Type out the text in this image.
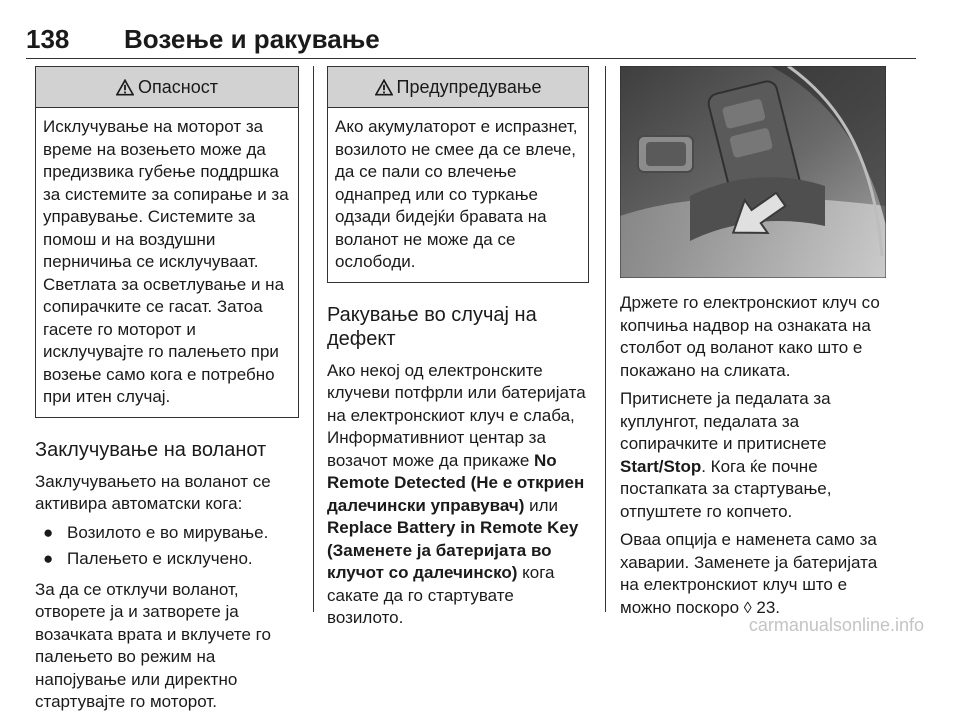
138 Возење и ракување
Опасност
Исклучување на моторот за време на возењето може да предизвика губење поддршка за системите за сопирање и за управување. Системите за помош и на воздушни перничиња се исклучуваат. Светлата за осветлување и на сопирачките се гасат. Затоа гасете го моторот и исклучувајте го палењето при возење само кога е потребно при итен случај.
Заклучување на воланот

Заклучувањето на воланот се активира автоматски кога:

● Возилото е во мирување.
● Палењето е исклучено.

За да се отклучи воланот, отворете ја и затворете ја возачката врата и вклучете го палењето во режим на напојување или директно стартувајте го моторот.

Предупредување
Ако акумулаторот е испразнет, возилото не смее да се влече, да се пали со влечење однапред или со туркање одзади бидејќи бравата на воланот не може да се ослободи.
Ракување во случај на дефект

Ако некој од електронските клучеви потфрли или батеријата на електронскиот клуч е слаба, Информативниот центар за возачот може да прикаже No Remote Detected (Не е откриен далечински управувач) или Replace Battery in Remote Key (Заменете ја батеријата во клучот со далечинско) кога сакате да го стартувате возилото.

Држете го електронскиот клуч со копчиња надвор на ознаката на столбот од воланот како што е покажано на сликата.

Притиснете ја педалата за куплунгот, педалата за сопирачките и притиснете Start/Stop. Кога ќе почне постапката за стартување, отпуштете го копчето.

Оваа опција е наменета само за хаварии. Заменете ја батеријата на електронскиот клуч што е можно поскоро ◊ 23.

carmanualsonline.info
